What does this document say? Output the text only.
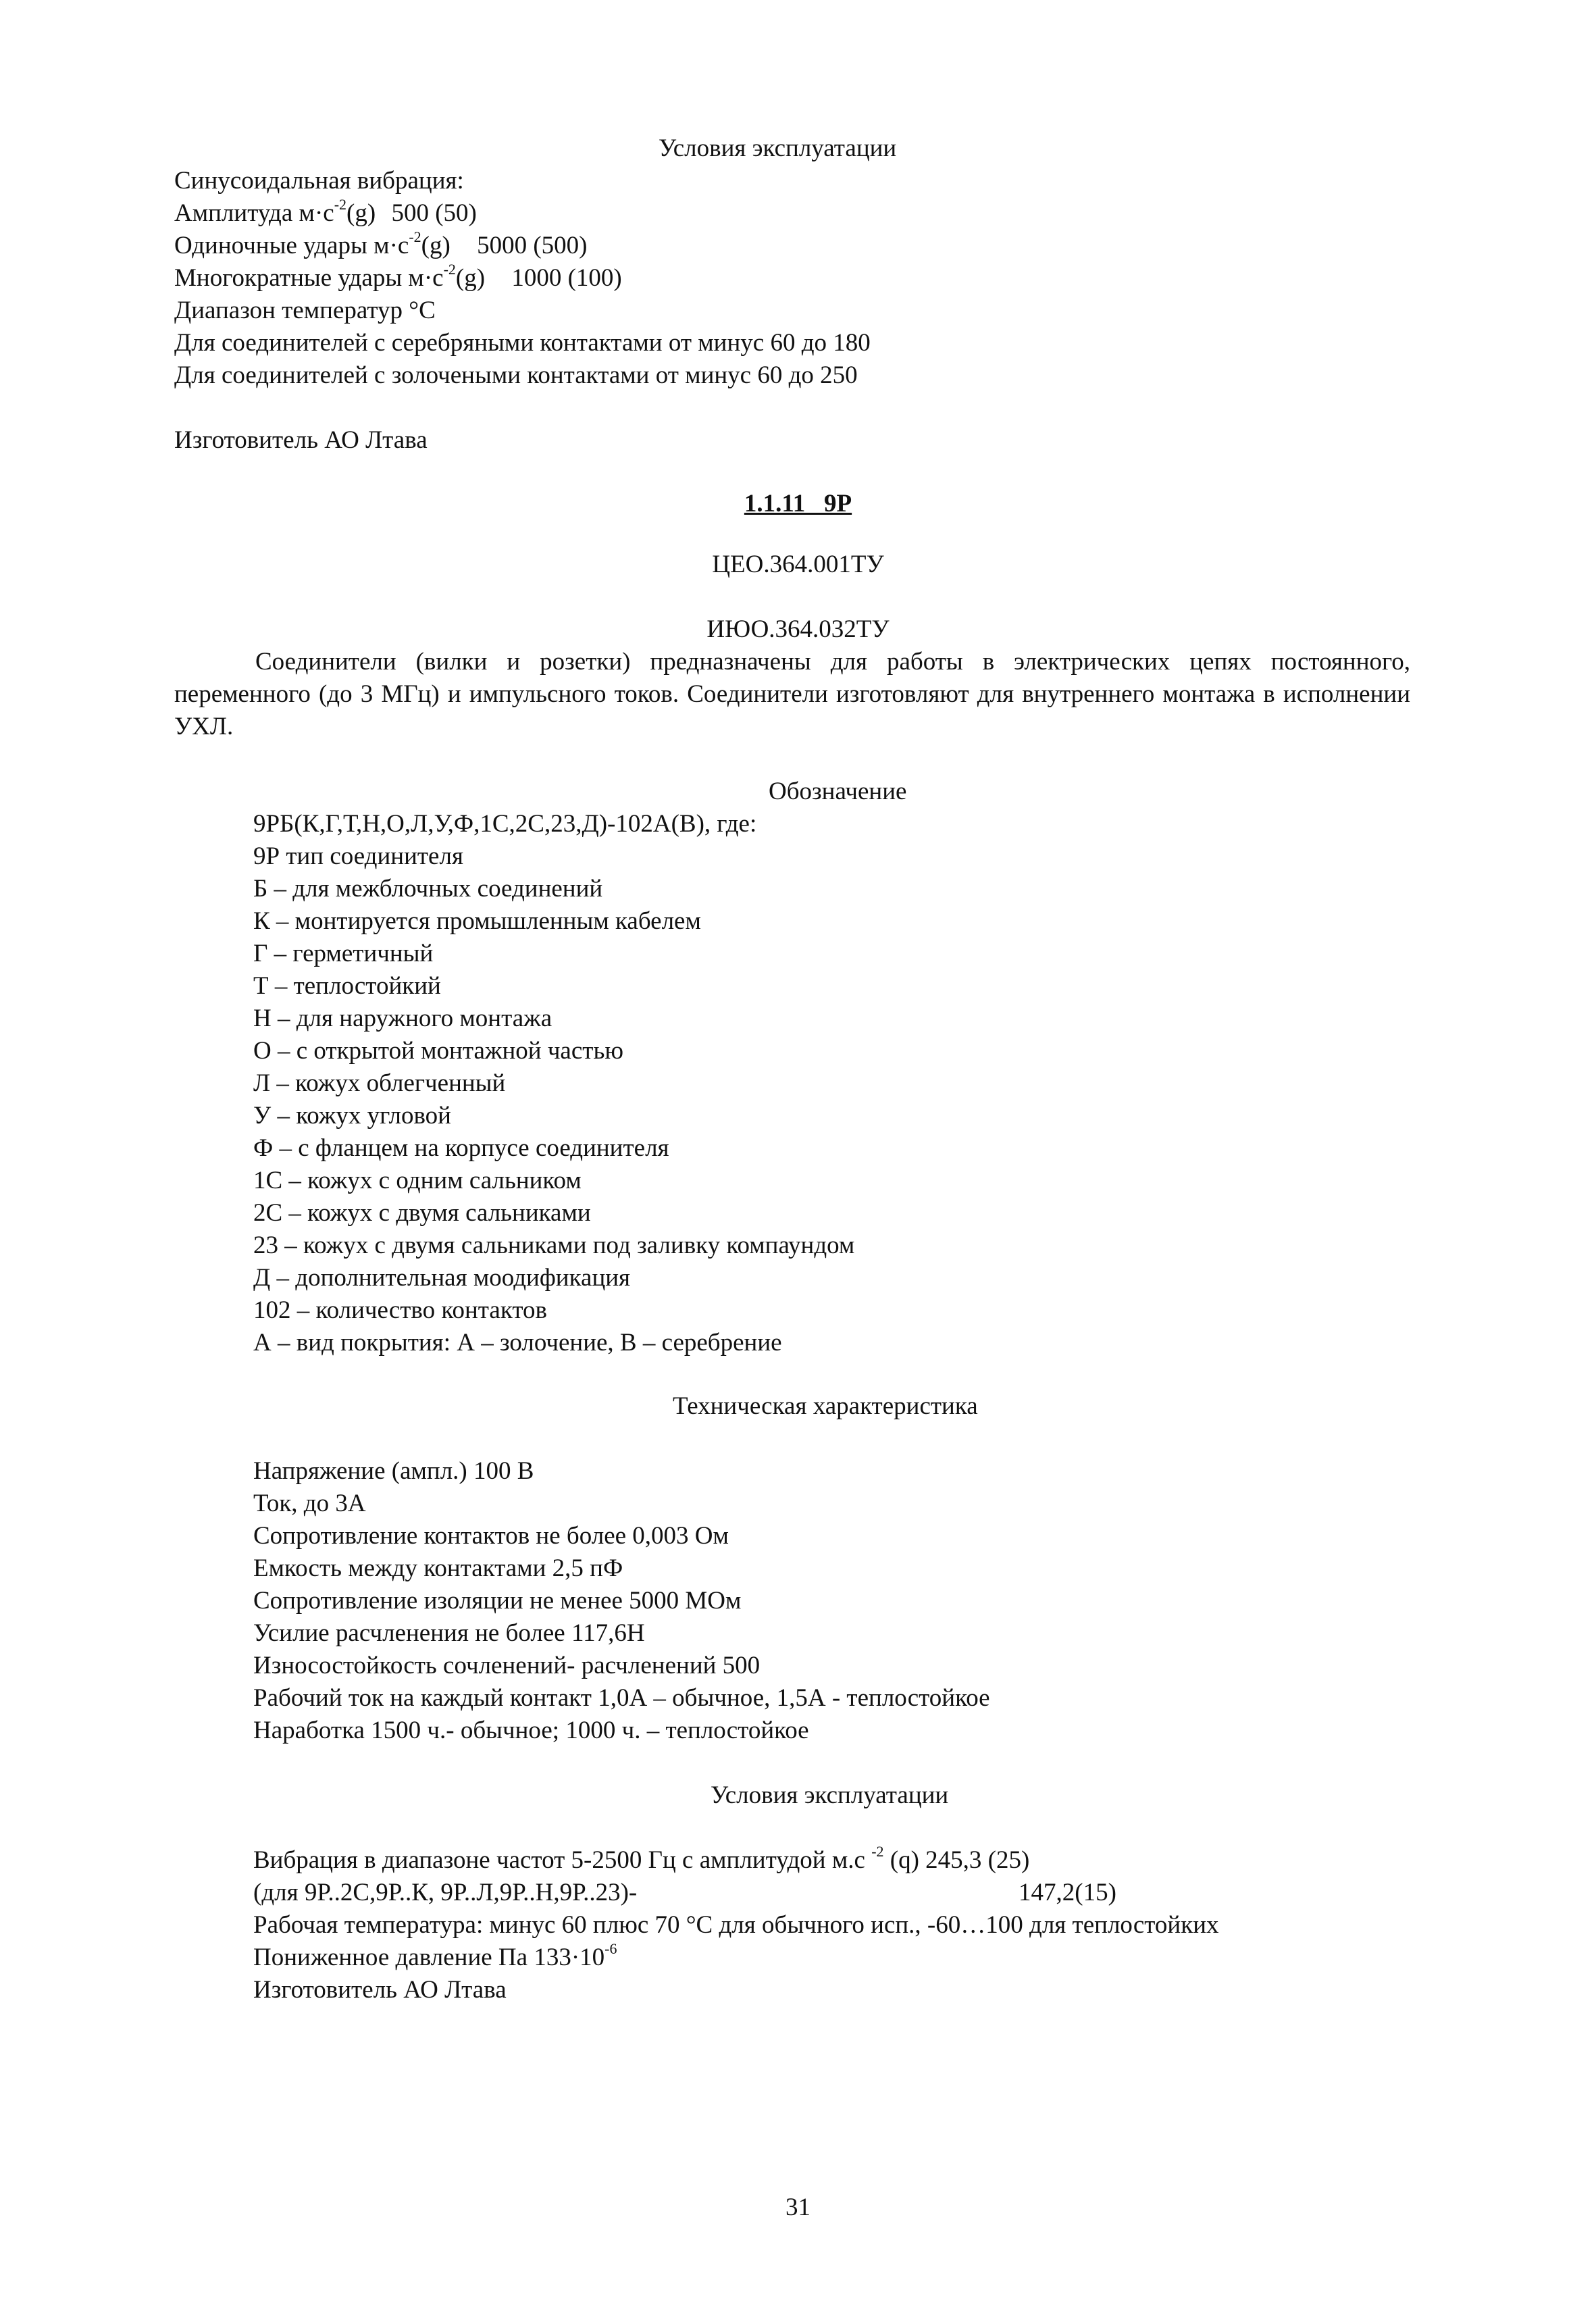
Условия эксплуатации
Синусоидальная вибрация:
Амплитуда $м\cdot с^{-2}(g)$ 500 (50)
Одиночные удары $м\cdot с^{-2}(g)$ 5000 (500)
Многократные удары $м\cdot с^{-2}(g)$ 1000 (100)
Диапазон температур °С
Для соединителей с серебряными контактами от минус 60 до 180
Для соединителей с золочеными контактами от минус 60 до 250
Изготовитель АО Лтава
1.1.11   9Р
ЦЕО.364.001ТУ
ИЮО.364.032ТУ
Соединители (вилки и розетки) предназначены для работы в электрических цепях постоянного, переменного (до 3 МГц) и импульсного токов. Соединители изготовляют для внутреннего монтажа в исполнении УХЛ.
Обозначение
9РБ(К,Г,Т,Н,О,Л,У,Ф,1С,2С,23,Д)-102А(В), где:
9Р тип соединителя
Б – для межблочных соединений
К – монтируется промышленным кабелем
Г – герметичный
Т – теплостойкий
Н – для наружного монтажа
О – с открытой монтажной частью
Л – кожух облегченный
У – кожух угловой
Ф – с фланцем на корпусе соединителя
1С – кожух с одним сальником
2С – кожух с двумя сальниками
23 – кожух с двумя сальниками под заливку компаундом
Д – дополнительная моодификация
102 – количество контактов
А – вид покрытия: А – золочение, В – серебрение
Техническая характеристика
Напряжение (ампл.) 100 В
Ток, до 3А
Сопротивление контактов не более 0,003 Ом
Емкость между контактами 2,5 пФ
Сопротивление изоляции не менее 5000 МОм
Усилие расчленения не более 117,6Н
Износостойкость сочленений- расчленений 500
Рабочий ток на каждый контакт 1,0А – обычное, 1,5А - теплостойкое
Наработка 1500 ч.- обычное; 1000 ч. – теплостойкое
Условия эксплуатации
Вибрация в диапазоне частот 5-2500 Гц с амплитудой м.с $^{-2}$ (q) 245,3 (25)
(для 9Р..2С,9Р..К, 9Р..Л,9Р..Н,9Р..23)-	147,2(15)
Рабочая температура: минус 60 плюс 70 °С для обычного исп., -60…100 для теплостойких
Пониженное давление Па $133\cdot 10^{-6}$
Изготовитель АО Лтава
31
